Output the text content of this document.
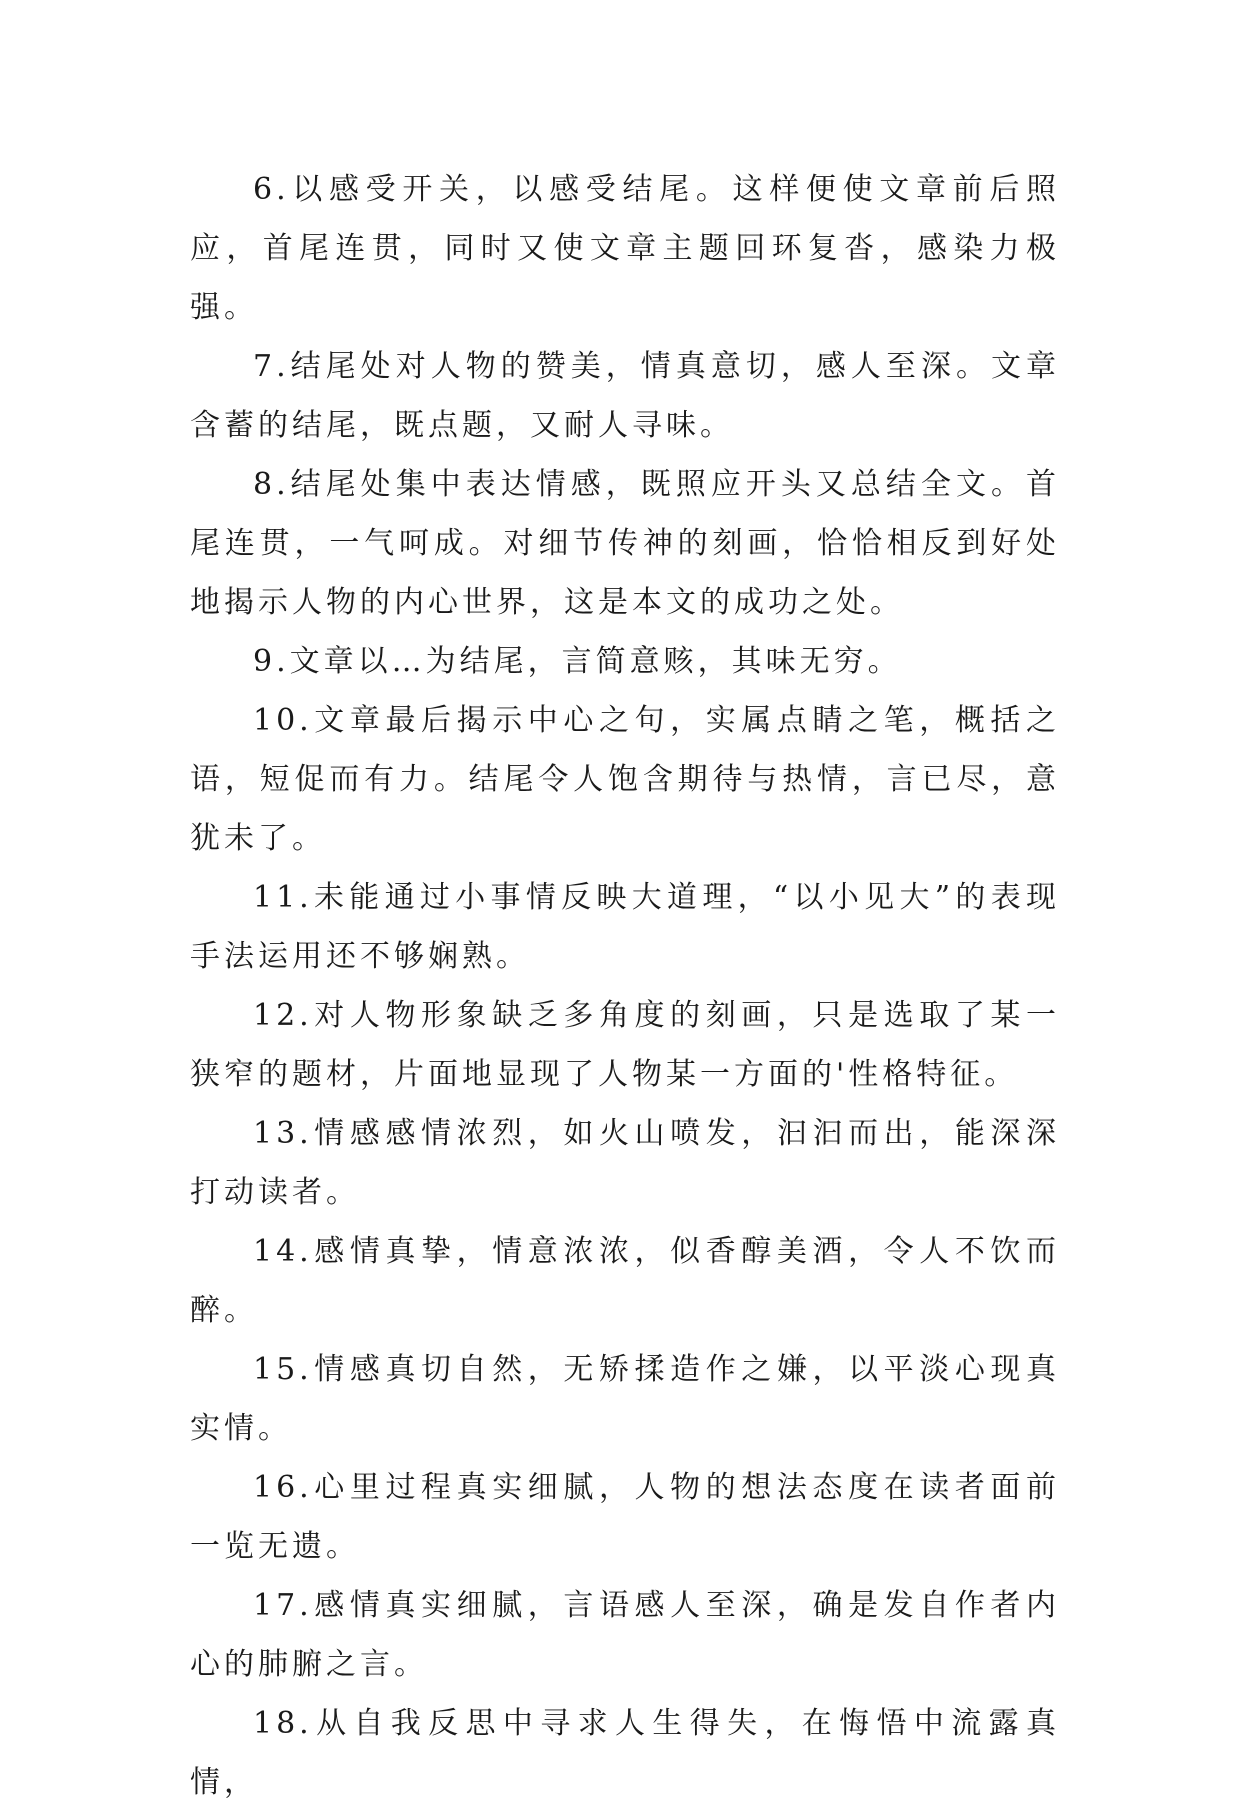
6.以感受开关，以感受结尾。这样便使文章前后照应，首尾连贯，同时又使文章主题回环复沓，感染力极强。

7.结尾处对人物的赞美，情真意切，感人至深。文章含蓄的结尾，既点题，又耐人寻味。

8.结尾处集中表达情感，既照应开头又总结全文。首尾连贯，一气呵成。对细节传神的刻画，恰恰相反到好处地揭示人物的内心世界，这是本文的成功之处。

9.文章以…为结尾，言简意赅，其味无穷。

10.文章最后揭示中心之句，实属点睛之笔，概括之语，短促而有力。结尾令人饱含期待与热情，言已尽，意犹未了。

11.未能通过小事情反映大道理，“以小见大”的表现手法运用还不够娴熟。

12.对人物形象缺乏多角度的刻画，只是选取了某一狭窄的题材，片面地显现了人物某一方面的'性格特征。

13.情感感情浓烈，如火山喷发，汩汩而出，能深深打动读者。

14.感情真挚，情意浓浓，似香醇美酒，令人不饮而醉。

15.情感真切自然，无矫揉造作之嫌，以平淡心现真实情。

16.心里过程真实细腻，人物的想法态度在读者面前一览无遗。

17.感情真实细腻，言语感人至深，确是发自作者内心的肺腑之言。

18.从自我反思中寻求人生得失，在悔悟中流露真情，
